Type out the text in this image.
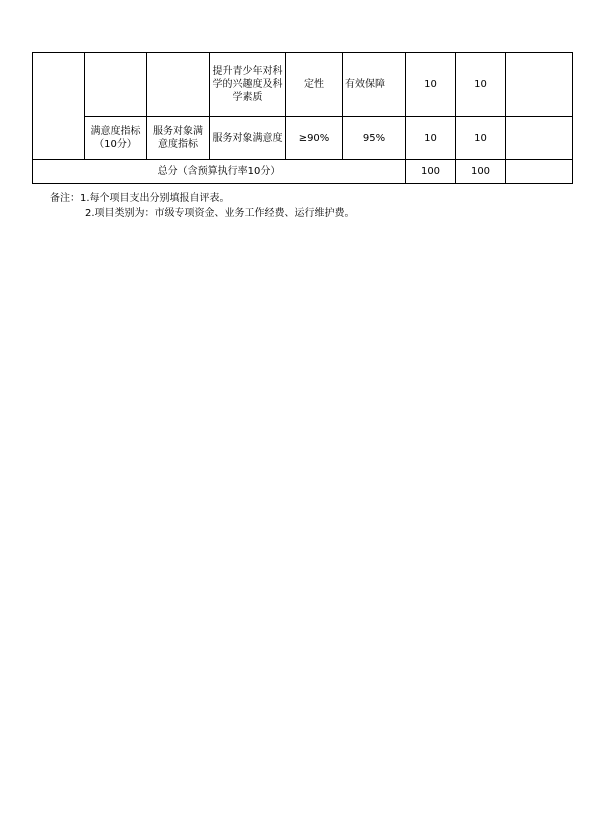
			提升青少年对科学的兴趣度及科学素质	定性	有效保障	10	10	
	满意度指标（10分）	服务对象满意度指标	服务对象满意度	≥90%	95%	10	10	
总分（含预算执行率10分）						100	100	
备注：1.每个项目支出分别填报自评表。
2.项目类别为：市级专项资金、业务工作经费、运行维护费。
